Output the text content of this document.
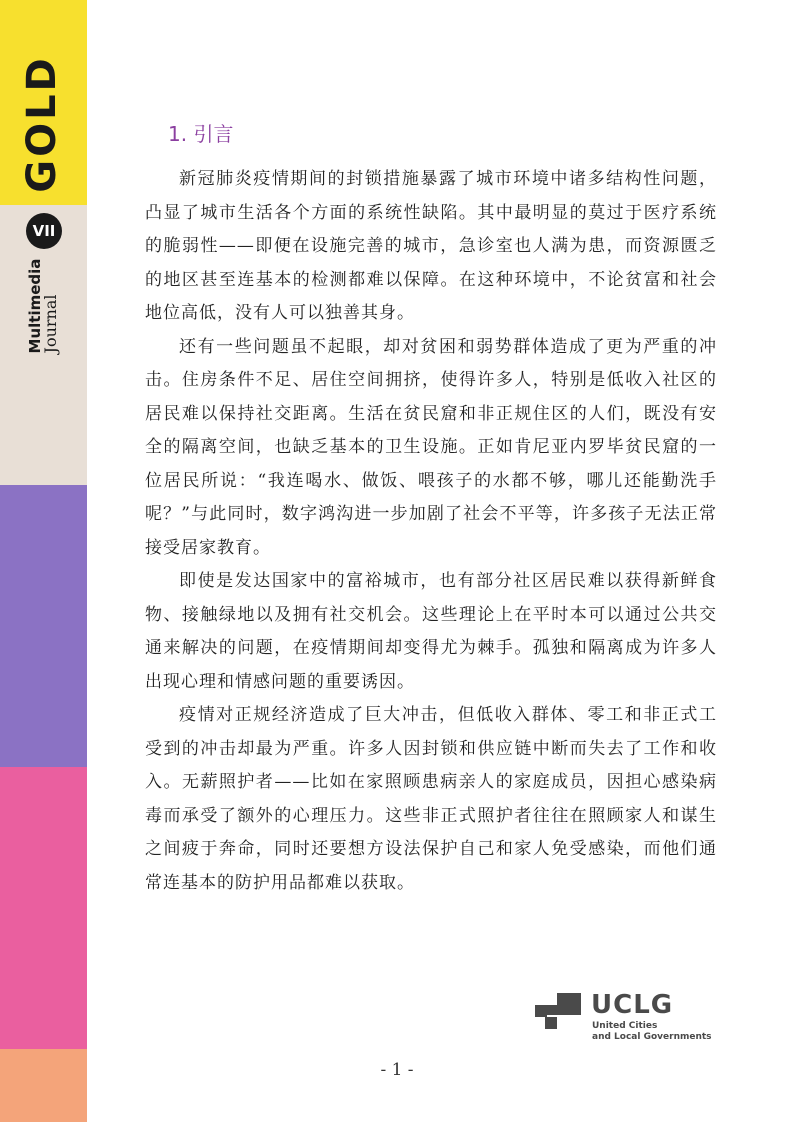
GOLD
VII
Multimedia
Journal
1. 引言

新冠肺炎疫情期间的封锁措施暴露了城市环境中诸多结构性问题，凸显了城市生活各个方面的系统性缺陷。其中最明显的莫过于医疗系统的脆弱性——即便在设施完善的城市，急诊室也人满为患，而资源匮乏的地区甚至连基本的检测都难以保障。在这种环境中，不论贫富和社会地位高低，没有人可以独善其身。

还有一些问题虽不起眼，却对贫困和弱势群体造成了更为严重的冲击。住房条件不足、居住空间拥挤，使得许多人，特别是低收入社区的居民难以保持社交距离。生活在贫民窟和非正规住区的人们，既没有安全的隔离空间，也缺乏基本的卫生设施。正如肯尼亚内罗毕贫民窟的一位居民所说：“我连喝水、做饭、喂孩子的水都不够，哪儿还能勤洗手呢？”与此同时，数字鸿沟进一步加剧了社会不平等，许多孩子无法正常接受居家教育。

即使是发达国家中的富裕城市，也有部分社区居民难以获得新鲜食物、接触绿地以及拥有社交机会。这些理论上在平时本可以通过公共交通来解决的问题，在疫情期间却变得尤为棘手。孤独和隔离成为许多人出现心理和情感问题的重要诱因。

疫情对正规经济造成了巨大冲击，但低收入群体、零工和非正式工受到的冲击却最为严重。许多人因封锁和供应链中断而失去了工作和收入。无薪照护者——比如在家照顾患病亲人的家庭成员，因担心感染病毒而承受了额外的心理压力。这些非正式照护者往往在照顾家人和谋生之间疲于奔命，同时还要想方设法保护自己和家人免受感染，而他们通常连基本的防护用品都难以获取。

UCLG
United Cities
and Local Governments
- 1 -
